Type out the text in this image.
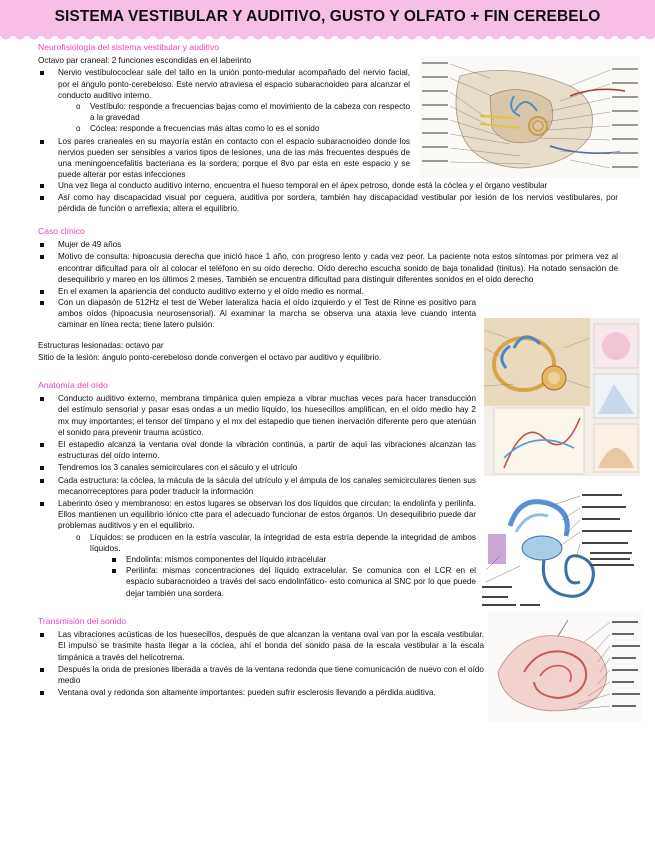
SISTEMA VESTIBULAR Y AUDITIVO, GUSTO Y OLFATO + FIN CEREBELO
Neurofisiología del sistema vestibular y auditivo
Octavo par craneal: 2 funciones escondidas en el laberinto
Nervio vestibulococlear sale del tallo en la unión ponto-medular acompañado del nervio facial, por el ángulo ponto-cerebeloso. Este nervio atraviesa el espacio subaracnoideo para alcanzar el conducto auditivo interno.
o Vestíbulo: responde a frecuencias bajas como el movimiento de la cabeza con respecto a la gravedad
o Cóclea: responde a frecuencias más altas como lo es el sonido
Los pares craneales en su mayoría están en contacto con el espacio subaracnoideo donde los nervios pueden ser sensibles a varios tipos de lesiones, una de las más frecuentes después de una meningoencefalitis bacteriana es la sordera; porque el 8vo par esta en este espacio y se puede alterar por estas infecciones
Una vez llega al conducto auditivo interno, encuentra el hueso temporal en el ápex petroso, donde está la cóclea y el órgano vestibular
Así como hay discapacidad visual por ceguera, auditiva por sordera, también hay discapacidad vestibular por lesión de los nervios vestibulares, por pérdida de función o arreflexia; altera el equilibrio.
Caso clínico
Mujer de 49 años
Motivo de consulta: hipoacusia derecha que inició hace 1 año, con progreso lento y cada vez peor. La paciente nota estos síntomas por primera vez al encontrar dificultad para oír al colocar el teléfono en su oído derecho. Oído derecho escucha sonido de baja tonalidad (tinitus). Ha notado sensación de desequilibrio y mareo en los últimos 2 meses. También se encuentra dificultad para distinguir diferentes sonidos en el oído derecho
En el examen la apariencia del conducto auditivo externo y el oído medio es normal.
Con un diapasón de 512Hz el test de Weber lateraliza hacia el oído izquierdo y el Test de Rinne es positivo para ambos oídos (hipoacusia neurosensorial). Al examinar la marcha se observa una ataxia leve cuando intenta caminar en línea recta; tiene latero pulsión.
Estructuras lesionadas: octavo par
Sitio de la lesión: ángulo ponto-cerebeloso donde convergen el octavo par auditivo y equilibrio.
Anatomía del oído
Conducto auditivo externo, membrana timpánica quien empieza a vibrar muchas veces para hacer transducción del estímulo sensorial y pasar esas ondas a un medio líquido, los huesecillos amplifican, en el oído medio hay 2 mx muy importantes; el tensor del tímpano y el mx del estapedio que tienen inervación diferente pero que atenúan el sonido para prevenir trauma acústico.
El estapedio alcanza la ventana oval donde la vibración continúa, a partir de aquí las vibraciones alcanzan las estructuras del oído interno.
Tendremos los 3 canales semicirculares con el sáculo y el utrículo
Cada estructura: la cóclea, la mácula de la sácula del utrículo y el ámpula de los canales semicirculares tienen sus mecanorreceptores para poder traducir la información
Laberinto óseo y membranoso: en estos lugares se observan los dos líquidos que circulan; la endolinfa y perilinfa. Ellos mantienen un equilibrio iónico ctte para el adecuado funcionar de estos órganos. Un desequilibrio puede dar problemas auditivos y en el equilibrio.
o Líquidos: se producen en la estría vascular, la integridad de esta estría depende la integridad de ambos líquidos.
Endolinfa: mismos componentes del líquido intracelular
Perilinfa: mismas concentraciones del líquido extracelular. Se comunica con el LCR en el espacio subaracnoideo a través del saco endolinfático- esto comunica al SNC por lo que puede dejar también una sordera.
Transmisión del sonido
Las vibraciones acústicas de los huesecillos, después de que alcanzan la ventana oval van por la escala vestibular. El impulso se trasmite hasta llegar a la cóclea, ahí el bonda del sonido pasa de la escala vestibular a la escala timpánica a través del helicotrema.
Después la onda de presiones liberada a través de la ventana redonda que tiene comunicación de nuevo con el oído medio
Ventana oval y redonda son altamente importantes: pueden sufrir esclerosis llevando a pérdida auditiva.
